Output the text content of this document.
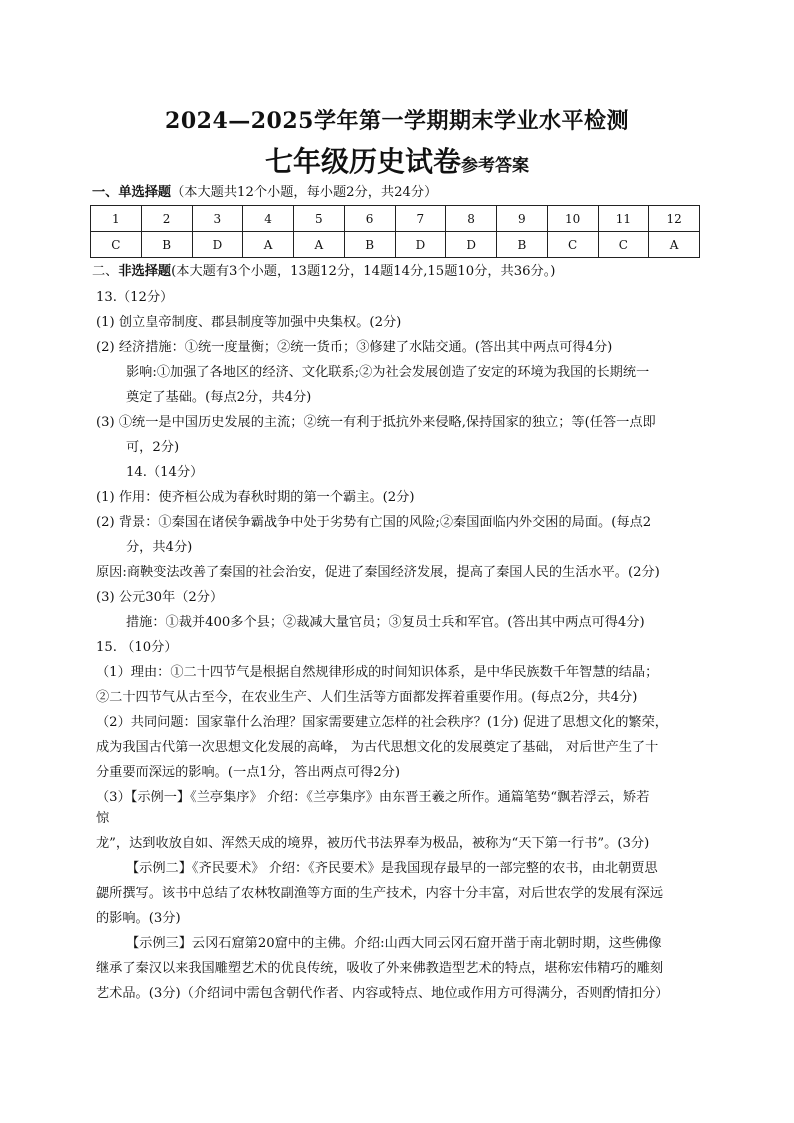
2024—2025学年第一学期期末学业水平检测
七年级历史试卷参考答案
一、单选择题（本大题共12个小题，每小题2分，共24分）
1	2	3	4	5	6	7	8	9	10	11	12
C	B	D	A	A	B	D	D	B	C	C	A
二、非选择题(本大题有3个小题，13题12分，14题14分,15题10分，共36分。)
13.（12分）
(1) 创立皇帝制度、郡县制度等加强中央集权。(2分)
(2) 经济措施：①统一度量衡；②统一货币；③修建了水陆交通。(答出其中两点可得4分)
影响:①加强了各地区的经济、文化联系;②为社会发展创造了安定的环境为我国的长期统一
奠定了基础。(每点2分，共4分)
(3) ①统一是中国历史发展的主流；②统一有利于抵抗外来侵略,保持国家的独立；等(任答一点即
可，2分)
14.（14分）
(1) 作用：使齐桓公成为春秋时期的第一个霸主。(2分)
(2) 背景：①秦国在诸侯争霸战争中处于劣势有亡国的风险;②秦国面临内外交困的局面。(每点2
分，共4分)
原因:商鞅变法改善了秦国的社会治安，促进了秦国经济发展，提高了秦国人民的生活水平。(2分)
(3) 公元30年（2分）
措施：①裁并400多个县；②裁减大量官员；③复员士兵和军官。(答出其中两点可得4分)
15. （10分）
（1）理由：①二十四节气是根据自然规律形成的时间知识体系，是中华民族数千年智慧的结晶；
②二十四节气从古至今，在农业生产、人们生活等方面都发挥着重要作用。(每点2分，共4分)
（2）共同问题：国家靠什么治理？国家需要建立怎样的社会秩序？(1分) 促进了思想文化的繁荣，
成为我国古代第一次思想文化发展的高峰， 为古代思想文化的发展奠定了基础， 对后世产生了十
分重要而深远的影响。(一点1分，答出两点可得2分)
（3）【示例一】《兰亭集序》 介绍：《兰亭集序》由东晋王羲之所作。通篇笔势“飘若浮云，矫若
惊
龙”，达到收放自如、浑然天成的境界，被历代书法界奉为极品，被称为“天下第一行书”。(3分)
【示例二】《齐民要术》 介绍：《齐民要术》是我国现存最早的一部完整的农书，由北朝贾思
勰所撰写。该书中总结了农林牧副渔等方面的生产技术，内容十分丰富，对后世农学的发展有深远
的影响。(3分)
【示例三】云冈石窟第20窟中的主佛。介绍:山西大同云冈石窟开凿于南北朝时期，这些佛像
继承了秦汉以来我国雕塑艺术的优良传统，吸收了外来佛教造型艺术的特点，堪称宏伟精巧的雕刻
艺术品。(3分)（介绍词中需包含朝代作者、内容或特点、地位或作用方可得满分，否则酌情扣分）
